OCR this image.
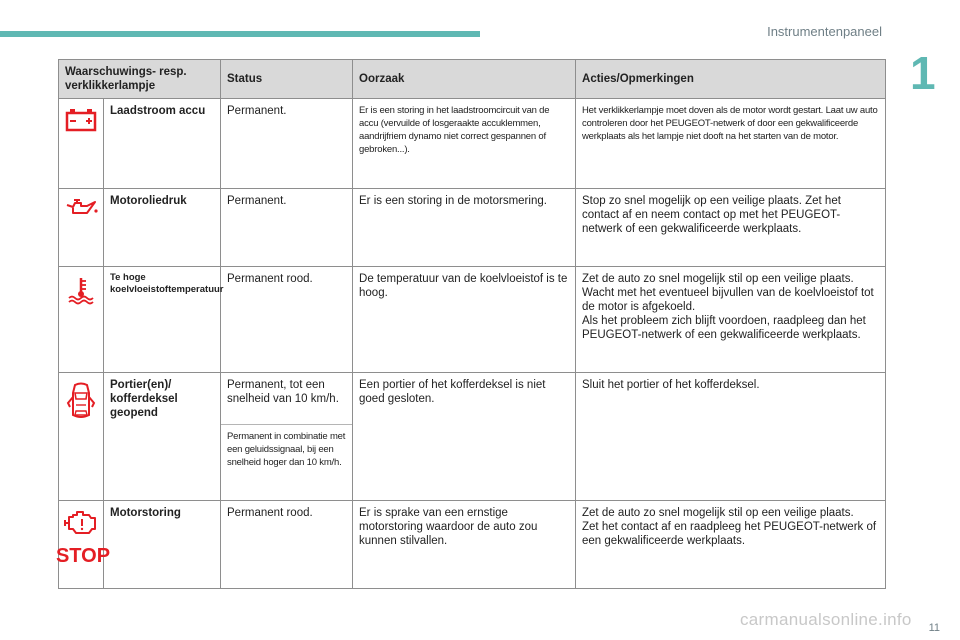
Instrumentenpaneel
1
Waarschuwings- resp. verklikkerlampje		Status	Oorzaak	Acties/Opmerkingen

	Laadstroom accu	Permanent.	Er is een storing in het laadstroomcircuit van de accu (vervuilde of losgeraakte accuklemmen, aandrijfriem dynamo niet correct gespannen of gebroken...).	Het verklikkerlampje moet doven als de motor wordt gestart. Laat uw auto controleren door het PEUGEOT-netwerk of door een gekwalificeerde werkplaats als het lampje niet dooft na het starten van de motor.

	Motoroliedruk	Permanent.	Er is een storing in de motorsmering.	Stop zo snel mogelijk op een veilige plaats. Zet het contact af en neem contact op met het PEUGEOT-netwerk of een gekwalificeerde werkplaats.

	Te hoge koelvloeistoftemperatuur	Permanent rood.	De temperatuur van de koelvloeistof is te hoog.	Zet de auto zo snel mogelijk stil op een veilige plaats.
Wacht met het eventueel bijvullen van de koelvloeistof tot de motor is afgekoeld.
Als het probleem zich blijft voordoen, raadpleeg dan het PEUGEOT-netwerk of een gekwalificeerde werkplaats.

	Portier(en)/ kofferdeksel geopend	Permanent, tot een snelheid van 10 km/h.	Een portier of het kofferdeksel is niet goed gesloten.	Sluit het portier of het kofferdeksel.
		Permanent in combinatie met een geluidssignaal, bij een snelheid hoger dan 10 km/h.		

STOP	Motorstoring	Permanent rood.	Er is sprake van een ernstige motorstoring waardoor de auto zou kunnen stilvallen.	Zet de auto zo snel mogelijk stil op een veilige plaats.
Zet het contact af en raadpleeg het PEUGEOT-netwerk of een gekwalificeerde werkplaats.
carmanualsonline.info	11
